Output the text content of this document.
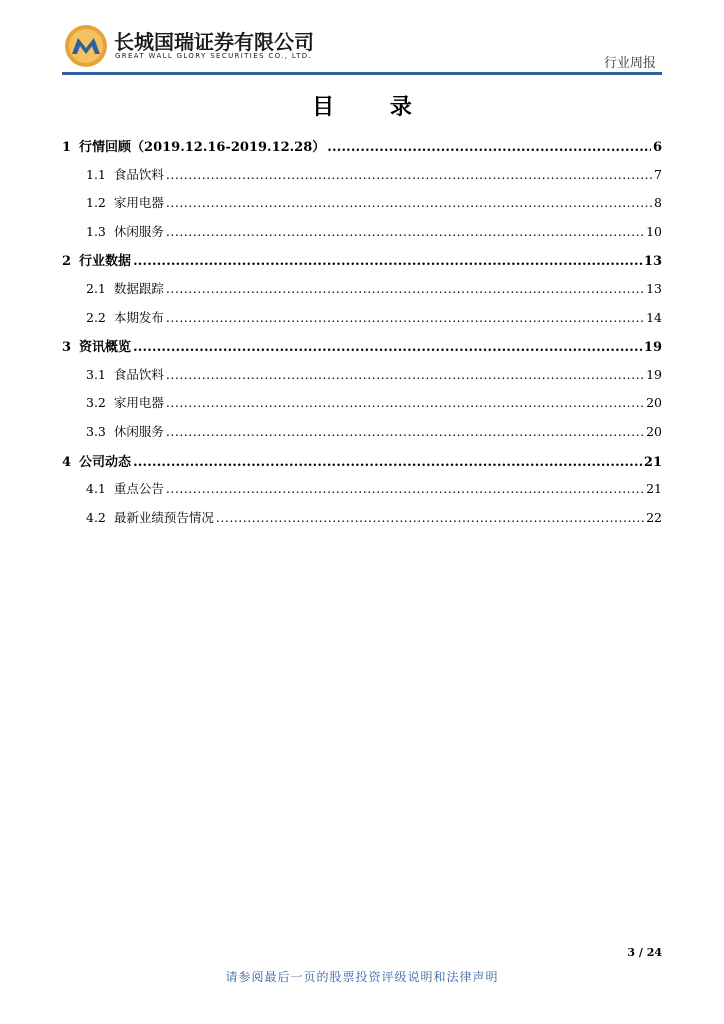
长城国瑞证券有限公司
GREAT WALL GLORY SECURITIES CO., LTD.	行业周报
目 录
1 行情回顾（2019.12.16-2019.12.28） .....	6
1.1 食品饮料 .....	7
1.2 家用电器 .....	8
1.3 休闲服务 .....	10
2 行业数据 .....	13
2.1 数据跟踪 .....	13
2.2 本期发布 .....	14
3 资讯概览 .....	19
3.1 食品饮料 .....	19
3.2 家用电器 .....	20
3.3 休闲服务 .....	20
4 公司动态 .....	21
4.1 重点公告 .....	21
4.2 最新业绩预告情况 .....	22
3 / 24
请参阅最后一页的股票投资评级说明和法律声明
